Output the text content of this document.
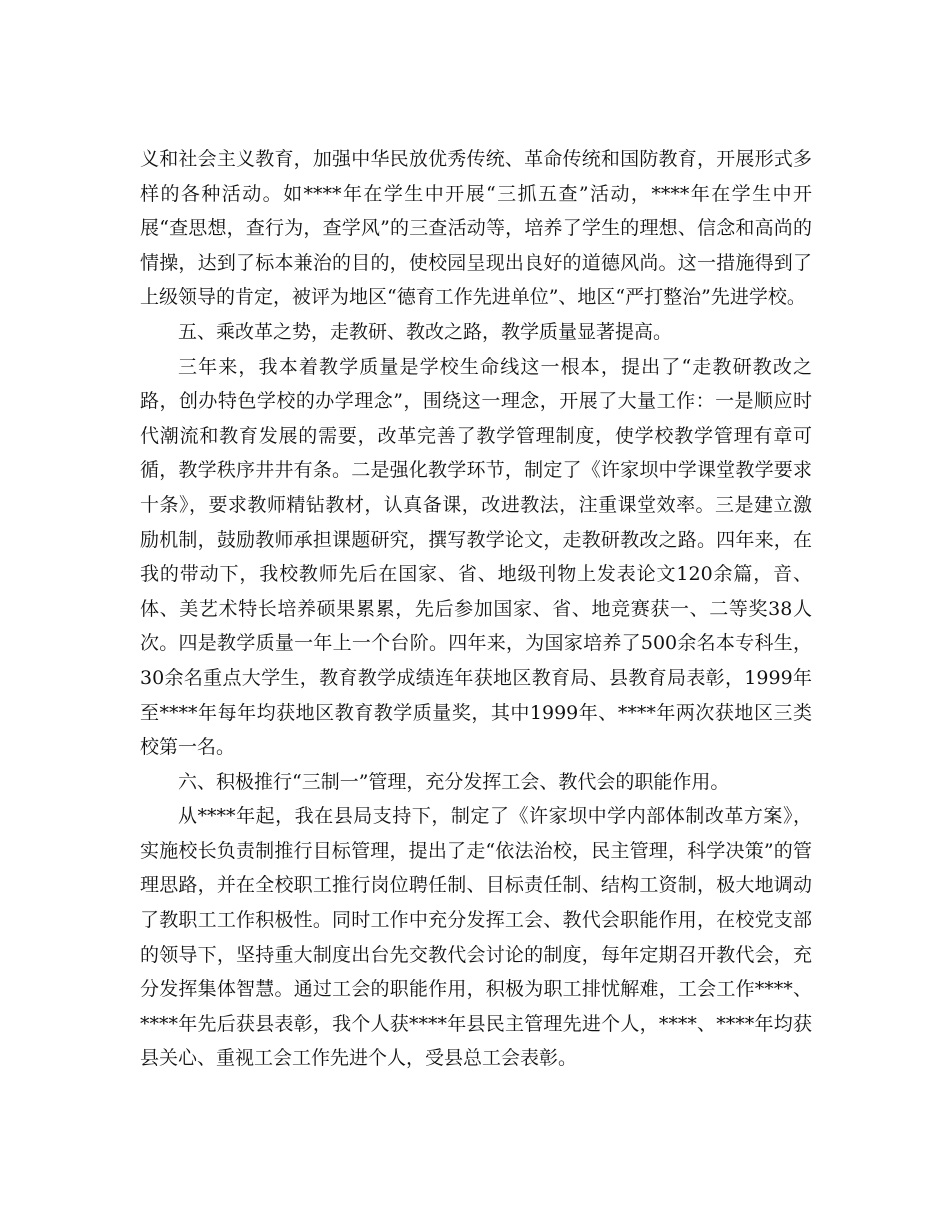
义和社会主义教育，加强中华民放优秀传统、革命传统和国防教育，开展形式多样的各种活动。如****年在学生中开展“三抓五查”活动，****年在学生中开展“查思想，查行为，查学风”的三查活动等，培养了学生的理想、信念和高尚的情操，达到了标本兼治的目的，使校园呈现出良好的道德风尚。这一措施得到了上级领导的肯定，被评为地区“德育工作先进单位”、地区“严打整治”先进学校。

五、乘改革之势，走教研、教改之路，教学质量显著提高。

三年来，我本着教学质量是学校生命线这一根本，提出了“走教研教改之路，创办特色学校的办学理念”，围绕这一理念，开展了大量工作：一是顺应时代潮流和教育发展的需要，改革完善了教学管理制度，使学校教学管理有章可循，教学秩序井井有条。二是强化教学环节，制定了《许家坝中学课堂教学要求十条》，要求教师精钻教材，认真备课，改进教法，注重课堂效率。三是建立激励机制，鼓励教师承担课题研究，撰写教学论文，走教研教改之路。四年来，在我的带动下，我校教师先后在国家、省、地级刊物上发表论文120余篇，音、体、美艺术特长培养硕果累累，先后参加国家、省、地竞赛获一、二等奖38人次。四是教学质量一年上一个台阶。四年来，为国家培养了500余名本专科生，30余名重点大学生，教育教学成绩连年获地区教育局、县教育局表彰，1999年至****年每年均获地区教育教学质量奖，其中1999年、****年两次获地区三类校第一名。

六、积极推行“三制一”管理，充分发挥工会、教代会的职能作用。

从****年起，我在县局支持下，制定了《许家坝中学内部体制改革方案》，实施校长负责制推行目标管理，提出了走“依法治校，民主管理，科学决策”的管理思路，并在全校职工推行岗位聘任制、目标责任制、结构工资制，极大地调动了教职工工作积极性。同时工作中充分发挥工会、教代会职能作用，在校党支部的领导下，坚持重大制度出台先交教代会讨论的制度，每年定期召开教代会，充分发挥集体智慧。通过工会的职能作用，积极为职工排忧解难，工会工作****、****年先后获县表彰，我个人获****年县民主管理先进个人，****、****年均获县关心、重视工会工作先进个人，受县总工会表彰。
